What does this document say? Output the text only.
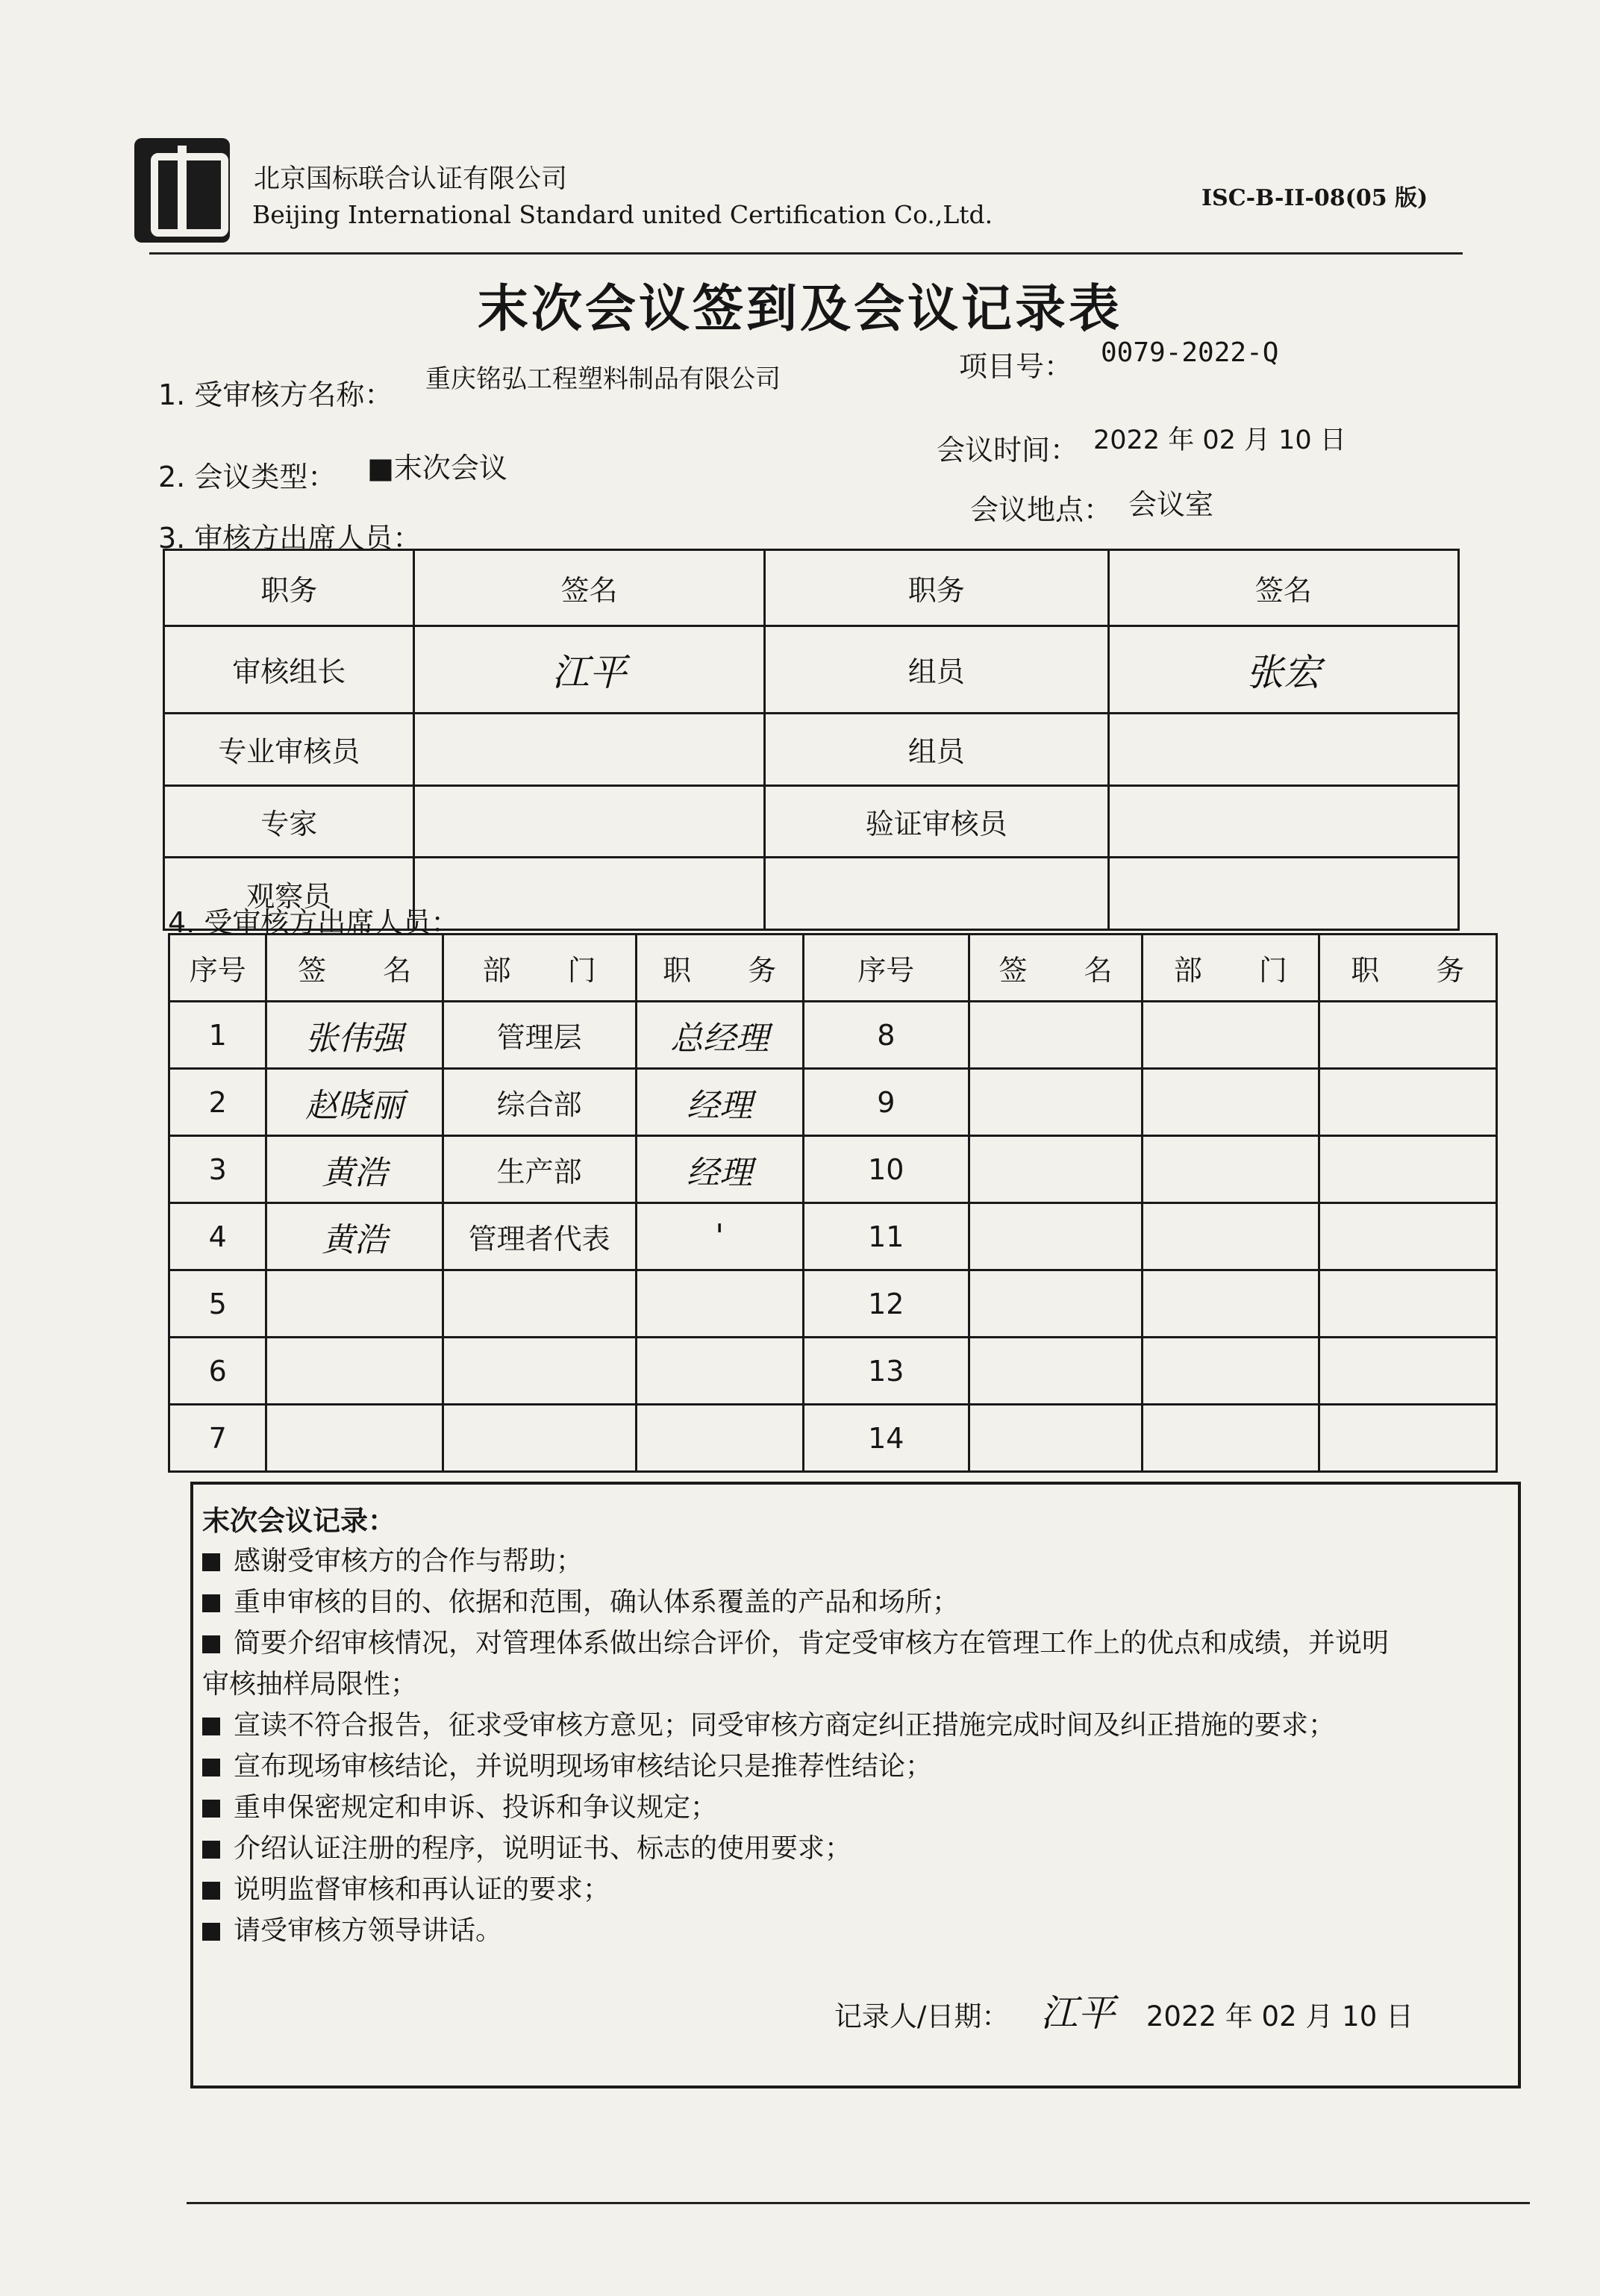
北京国标联合认证有限公司
Beijing International Standard united Certification Co.,Ltd.
ISC-B-II-08(05 版)
末次会议签到及会议记录表
1. 受审核方名称： 重庆铭弘工程塑料制品有限公司	项目号： 0079-2022-Q
2. 会议类型： ■末次会议
会议时间： 2022 年 02 月 10 日
会议地点： 会议室
3. 审核方出席人员：
职务	签名	职务	签名
审核组长	江平	组员	张宏
专业审核员		组员	
专家		验证审核员	
观察员			
4. 受审核方出席人员：
序号	签　　名	部　　门	职　　务	序号	签　　名	部　　门	职　　务
1	张伟强	管理层	总经理	8			
2	赵晓丽	综合部	经理	9			
3	黄浩	生产部	经理	10			
4	黄浩	管理者代表	'	11			
5				12			
6				13			
7				14			
末次会议记录：
感谢受审核方的合作与帮助；
重申审核的目的、依据和范围，确认体系覆盖的产品和场所；
简要介绍审核情况，对管理体系做出综合评价，肯定受审核方在管理工作上的优点和成绩，并说明
审核抽样局限性；
宣读不符合报告，征求受审核方意见；同受审核方商定纠正措施完成时间及纠正措施的要求；
宣布现场审核结论，并说明现场审核结论只是推荐性结论；
重申保密规定和申诉、投诉和争议规定；
介绍认证注册的程序，说明证书、标志的使用要求；
说明监督审核和再认证的要求；
请受审核方领导讲话。
记录人/日期： 江平 2022 年 02 月 10 日
